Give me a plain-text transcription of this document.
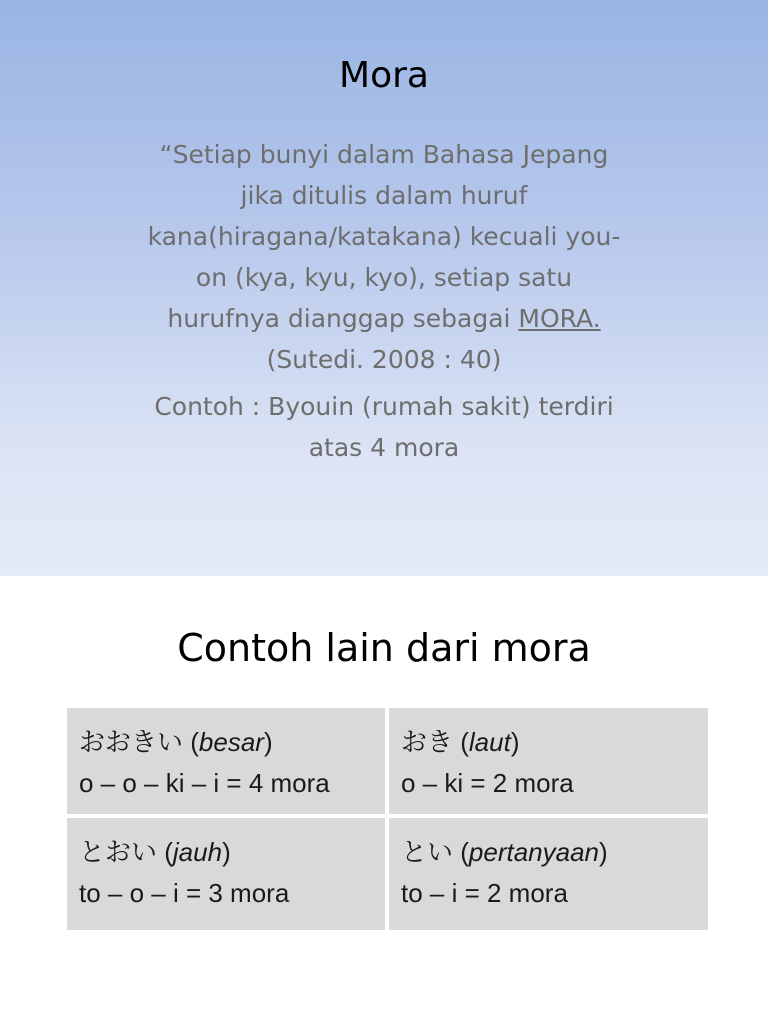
Mora
“Setiap bunyi dalam Bahasa Jepang
jika ditulis dalam huruf
kana(hiragana/katakana) kecuali you-
on (kya, kyu, kyo), setiap satu
hurufnya dianggap sebagai MORA.
(Sutedi. 2008 : 40)
Contoh : Byouin (rumah sakit) terdiri
atas 4 mora
Contoh lain dari mora
おおきい (besar)
o – o – ki – i = 4 mora
おき (laut)
o – ki = 2 mora
とおい (jauh)
to – o – i = 3 mora
とい (pertanyaan)
to – i = 2 mora
